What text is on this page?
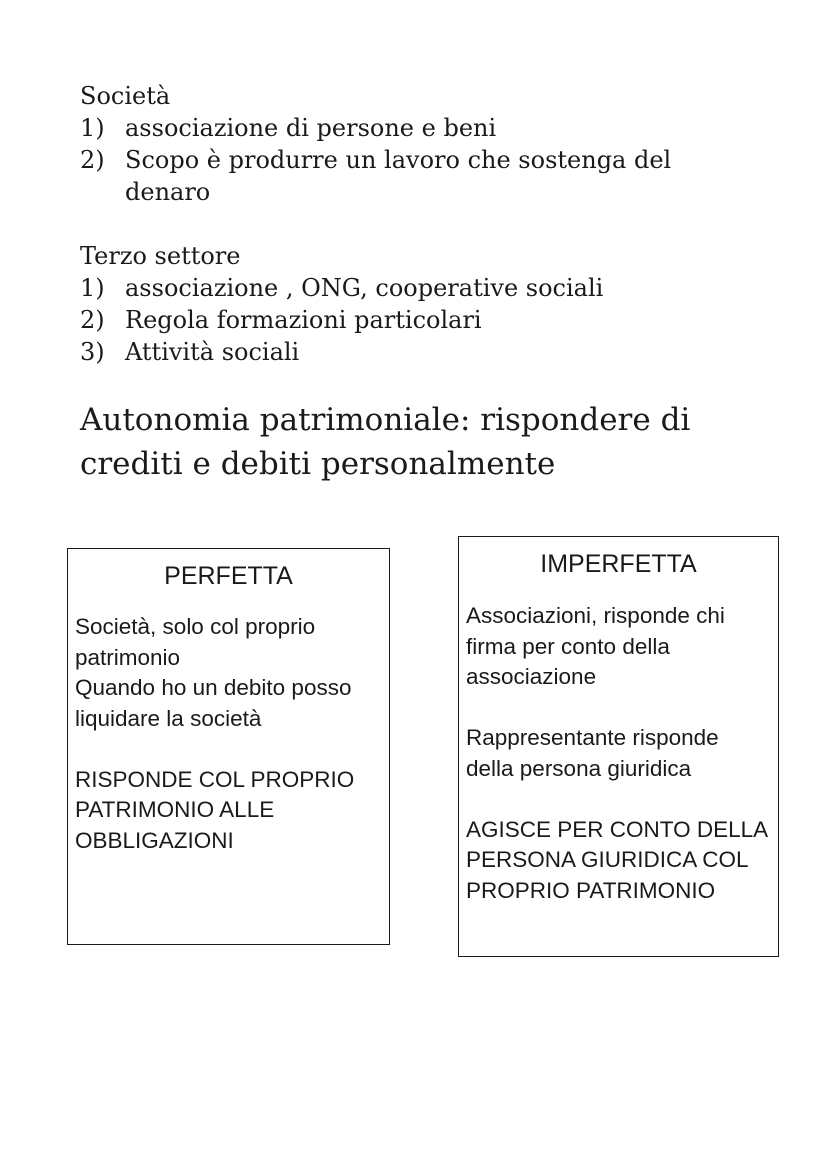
Società

1) associazione di persone e beni
2) Scopo è produrre un lavoro che sostenga del denaro

Terzo settore

1) associazione , ONG, cooperative sociali
2) Regola formazioni particolari
3) Attività sociali

Autonomia patrimoniale: rispondere di crediti e debiti personalmente

PERFETTA

Società, solo col proprio patrimonio
Quando ho un debito posso liquidare la società

RISPONDE COL PROPRIO PATRIMONIO ALLE OBBLIGAZIONI

IMPERFETTA

Associazioni, risponde chi firma per conto della associazione

Rappresentante risponde della persona giuridica

AGISCE PER CONTO DELLA PERSONA GIURIDICA COL PROPRIO PATRIMONIO
